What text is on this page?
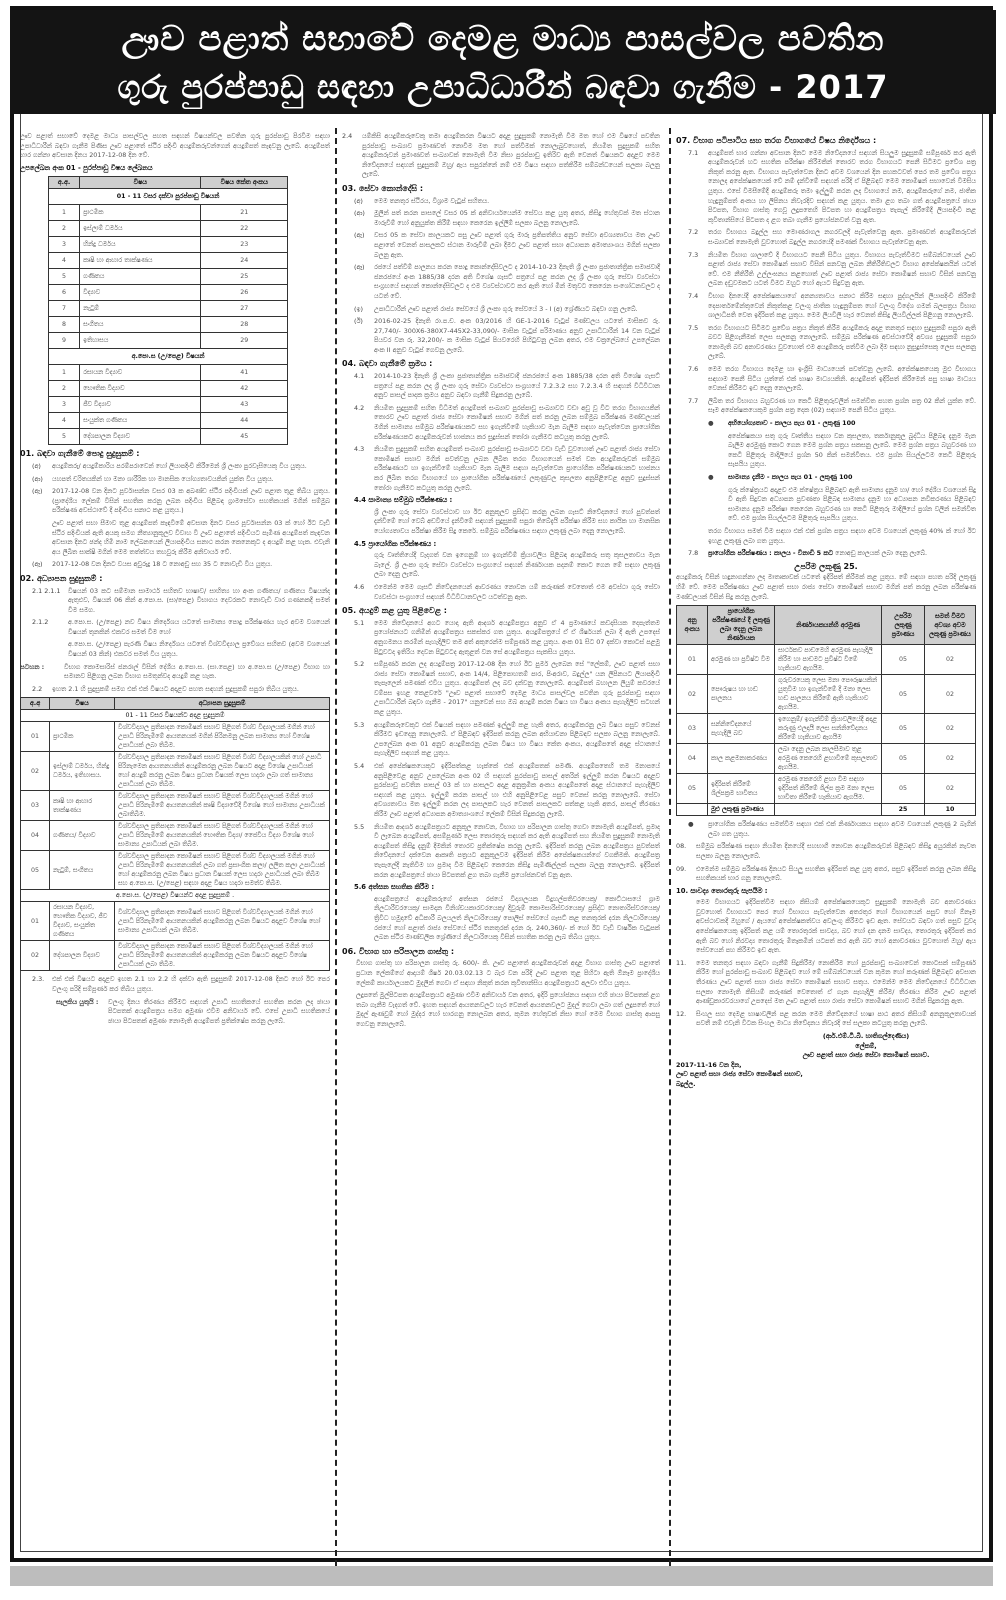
ඌව පළාත් සභාවේ දෙමළ මාධ්‍ය පාසල්වල පවතින
ගුරු පුරප්පාඩු සඳහා උපාධිධාරීන් බඳවා ගැනීම - 2017

ඌව පළාත් සභාවේ දෙමළ මාධ්‍ය පාසල්වල පහත සඳහන් විෂයන්වල පවතින ගුරු පුරප්පාඩු පිරවීම සඳහා උපාධිධාරීන් බඳවා ගැනීම පිණිස ඌව පළාතේ ස්ථිර පදිංචි අයදුම්කරුවන්ගෙන් අයදුම්පත් කැඳවනු ලැබේ. අයදුම්පත් භාර ගන්නා අවසාන දිනය 2017-12-08 දින වේ.

උපලේඛන අංක 01 - පුරප්පාඩු විෂය ලේඛනය
අ.අ.	විෂය	විෂය කේත අංකය
01 - 11 වසර දක්වා පුරප්පාඩු විෂයන්		
1	ප්‍රාථමික	21
2	ඉස්ලාම් ධර්මය	22
3	හින්දු ධර්මය	23
4	කෘෂි හා ආහාර තාක්ෂණය	24
5	ගණිතය	25
6	විද්‍යාව	26
7	නැටුම්	27
8	සංගීතය	28
9	ඉතිහාසය	29
අ.පො.ස (උ/පෙළ) විෂයන්		
1	රසායන විද්‍යාව	41
2	භෞතික විද්‍යාව	42
3	ජීව විද්‍යාව	43
4	සංයුක්ත ගණිතය	44
5	දේශපාලන විද්‍යාව	45
01. බඳවා ගැනීමේ පොදු සුදුසුකම් :
(අ)	අයදුම්කරු/ අයදුම්කාරිය පරම්පරාවෙන් හෝ ලියාපදිංචි කිරීමෙන් ශ්‍රී ලංකා පුරවැසියෙකු විය යුතුය.
(ආ)	යහපත් චරිතයකින් හා මනා ශාරීරික හා මානසික යෝග්‍යතාවයකින් යුක්ත විය යුතුය.
(ඇ)	2017-12-08 වන දිනට පූර්වාසන්න වසර 03 ක අඛණ්ඩ ස්ථිර පදිංචියක් ඌව පළාත තුළ තිබිය යුතුය. (ප්‍රාදේශීය ලේකම් විසින් සහතික කරනු ලබන පදිංචිය පිළිබඳ ග්‍රාමසේවා සහතිකයක් මගින් සම්මුඛ පරීක්ෂණ අවස්ථාවේ දී පදිංචිය සනාථ කළ යුතුය.)
ඌව පළාත් සභා සීමාව තුළ අයදුම්පත් කැඳවීමේ අවසාන දිනට වසර පූර්වාසන්න 03 ක් හෝ ඊට වැඩි ස්ථිර පදිංචියක් ඇති අයකු සමග නීත්‍යානුකූලව විවාහ වී ඌව පළාතේ පදිංචියට පැමිණ අයදුම්පත් කැඳවන අවසාන දිනට ඡන්ද හිමි නාම ලේඛනයෙන් ලියාපදිංචිය සනාථ කරන කෙනෙකුට ද අයදුම් කළ හැක. එවැනි අය ලිඛිත සාක්ෂි මගින් මෙම තත්ත්වය තහවුරු කිරීම අනිවාර්ය වේ.
(ඈ)	2017-12-08 වන දිනට වයස අවුරුදු 18 ට නොඅඩු සහ 35 ට නොවැඩි විය යුතුය.
02. අධ්‍යාපන සුදුසුකම් :
2.1 2.1.1	විෂයන් 03 කට සම්මාන සාමාර්ථ සහිතව භාෂාව/ සාහිත්‍ය හා අංක ගණිතය/ ගණිතය විෂයන්ද ඇතුළුව, විෂයන් 06 කින් අ.පො.ස. (සා/පෙළ) විභාගය දෙවරකට නොවැඩි වාර ගණනකදී සමත් වීම සමග.
2.1.2	අ.පො.ස. (උ/පෙළ) නව විෂය නිර්දේශය යටතේ සාමාන්‍ය පොදු පරීක්ෂණය හැර අවම වශයෙන් විෂයන් තුනකින් එකවර සමත් වීම හෝ
අ.පො.ස. (උ/පෙළ) පැරණි විෂය නිර්දේශය යටතේ විශ්වවිද්‍යාල ප්‍රවේශය සහිතව (අවම වශයෙන් විෂයන් 03 කින්) එකවර සමත් විය යුතුය.
සටහන :	විභාග කොමසාරිස් ජනරාල් විසින් දේශීය අ.පො.ස. (සා.පෙළ) හා අ.පො.ස (උ/පෙළ) විභාග හා සමානව පිළිගනු ලබන විභාග සමතුන්වද අයදුම් කළ හැක.
2.2	ඉහත 2.1 හි සුදුසුකම් සමග එක් එක් විෂයට අදාළව පහත සඳහන් සුදුසුකම් සපුරා තිබිය යුතුය.
අ.අ	විෂය	අධ්‍යාපන සුදුසුකම්
01 - 11 වසර විෂයන්ට අදාළ සුදුසුකම්		
01	ප්‍රාථමික	විශ්වවිද්‍යාල ප්‍රතිපාදන කොමිෂන් සභාව පිළිගත් විශ්ව විද්‍යාලයක් මගින් හෝ උපාධි පිරිනැමීමේ ආයතනයක් මගින් පිරිනමනු ලබන සාමාන්‍ය හෝ විශේෂ උපාධියක් ලබා තිබීම.
02	ඉස්ලාම් ධර්මය, හින්දු ධර්මය, ඉතිහාසය.	විශ්වවිද්‍යාල ප්‍රතිපාදන කොමිෂන් සභාව පිළිගත් විශ්ව විද්‍යාලයකින් හෝ උපාධි පිරිනැමෙන ආයතනයකින් අයදුම්කරනු ලබන විෂයට අදාළ විශේෂ උපාධියක් හෝ අයදුම් කරනු ලබන විෂය ප්‍රධාන විෂයක් ලෙස හදාරා ලබා ගත් සාමාන්‍ය උපාධියක් ලබා තිබීම.
03	කෘෂි හා ආහාර තාක්ෂණය	විශ්වවිද්‍යාල ප්‍රතිපාදන කොමිෂන් සභාව පිළිගත් විශ්වවිද්‍යාලයක් මගින් හෝ උපාධි පිරිනැමීමේ ආයතනයකින් කෘෂි විද්‍යාවේදී විශේෂ හෝ සාමාන්‍ය උපාධියක් ලබාතිබීම.
04	ගණිතය/ විද්‍යාව	විශ්වවිද්‍යාල ප්‍රතිපාදන කොමිෂන් සභාව පිළිගත් විශ්වවිද්‍යාලයක් මගින් හෝ උපාධි පිරිනැමීමේ ආයතනයකින් භෞතික විද්‍යා/ ජෛවීය විද්‍යා විශේෂ හෝ සාමාන්‍ය උපාධියක් ලබා තිබීම.
05	නැටුම්, සංගීතය	විශ්වවිද්‍යාල ප්‍රතිපාදන කොමිෂන් සභාව පිළිගත් විශ්ව විද්‍යාලයක් මගින් හෝ උපාධි පිරිනැමීමේ ආයතනයකින් ලබා ගත් ප්‍රසාංගික කලා/ ලලිත කලා උපාධියක් හෝ අයදුම්කරනු ලබන විෂය ප්‍රධාන විෂයක් ලෙස හදාරා උපාධියක් ලබා තිබීම සහ අ.පො.ස. (උ/පෙළ) සඳහා අදාළ විෂය හදාරා සමත්ව තිබීම.
අ.පො.ස. (උ/පෙළ) විෂයන්ට අදාළ සුදුසුකම් .		
01	රසායන විද්‍යාව, භෞතික විද්‍යාව, ජීව විද්‍යාව, සංයුක්ත ගණිතය	විශ්වවිද්‍යාල ප්‍රතිපාදන කොමිෂන් සභාව පිළිගත් විශ්වවිද්‍යාලයක් මගින් හෝ උපාධි පිරිනැමීමේ ආයතනයකින් අයදුම්කරනු ලබන විෂයට අදාළව විශේෂ හෝ සාමාන්‍ය උපාධියක් ලබා තිබීම.
02	දේශපාලන විද්‍යාව	විශ්වවිද්‍යාල ප්‍රතිපාදන කොමිෂන් සභාව පිළිගත් විශ්වවිද්‍යාලයක් මගින් හෝ උපාධි පිරිනැමීමේ ආයතනයකින් අයදුම්කරනු ලබන විෂයට අදාළව විශේෂ උපාධියක් ලබා තිබීම.
2.3.	එක් එක් විෂයට අදාළව ඉහත 2.1 හා 2.2 හි දක්වා ඇති සුදුසුකම් 2017-12-08 දිනට හෝ ඊට පෙර වලංගු පරිදි සම්පූර්ණ කර තිබිය යුතුය.
සැලකිය යුතුයි :	වලංගු දිනය තීරණය කිරීමට සඳහන් උපාධි සහතිකයේ සහතික කරන ලද ඡායා පිටපතක් අයදුම්පත්‍රය සමග අමුණා එවීම අනිවාර්ය වේ. එසේ උපාධි සහතිකයේ ඡායා පිටපතක් අමුණා නොමැති අයදුම්පත් ප්‍රතික්ෂේප කරනු ලැබේ.
2.4	යම්කිසි අයදුම්කරුවෙකු තමා අයදුම්කරන විෂයට අදාළ සුදුසුකම් නොමැති වීම මත හෝ එම විෂයේ පවතින පුරප්පාඩු සංඛ්‍යාව ප්‍රමාණවත් නොවීම මත හෝ පත්වීමක් නොලැබුවහොත්, නියමිත සුදුසුකම් සහිත අයදුම්කරුවන් ප්‍රමාණවත් සංඛ්‍යාවක් නොමැති වීම නිසා පුරප්පාඩු ඉතිරිව ඇති වෙනත් විෂයකට අදාළව මෙම නිවේදනයේ සඳහන් සුදුසුකම් ඔහු/ ඇය සපුරන්නේ නම් එම විෂය සඳහා පත්කිරීම සම්බන්ධයෙන් සලකා බලනු ලැබේ.
03. සේවා කොන්දේසි :
(අ)	මෙම තනතුර ස්ථිරය, විශ්‍රාම වැටුප් සහිතය.
(ආ)	මුලින් පත් කරන පාසලේ වසර 05 ක් අනිවාර්යයෙන්ම සේවය කළ යුතු අතර, කිසිදු හේතුවක් මත ස්ථාන මාරුවීම් හෝ අනුයුක්ත කිරීම් සඳහා කෙරෙන ඉල්ලීම් සලකා බලනු නොලැබේ.
(ඇ)	වසර 05 ක සේවා කාලයකට පසු ඌව පළාත් ගුරු මාරු ප්‍රතිපත්තිය අනුව සේවා අවශ්‍යතාවය මත ඌව පළාතේ වෙනත් පාසලකට ස්ථාන මාරුවීම් ලබා දීමට ඌව පළාත් සභා අධ්‍යාපන අමාත්‍යාංශය මගින් සලකා බලනු ඇත.
(ඈ)	රජයේ පත්වීම් පාලනය කරන පොදු කොන්දේසිවලට ද 2014-10-23 දිනැති ශ්‍රී ලංකා ප්‍රජාතාන්ත්‍රික සමාජවාදී ජනරජයේ අංක 1885/38 දරන අති විශේෂ ගැසට් පත්‍රයේ පළ කරන ලද ශ්‍රී ලංකා ගුරු සේවා ව්‍යවස්ථා සංග්‍රහයේ සඳහන් කොන්දේසිවලට ද එම ව්‍යවස්ථාවට කර ඇති හෝ මින් මතුවට කෙරෙන සංශෝධනවලට ද යටත් වේ.
(ඉ)	උපාධිධාරීන් ඌව පළාත් රාජ්‍ය සේවයේ ශ්‍රී ලංකා ගුරු සේවයේ 3 - I (අ) ශ්‍රේණියට බඳවා ගනු ලැබේ.
(ඊ)	2016-02-25 දිනැති රා.ප.ච. අංක 03/2016 හි GE-1-2016 වැටුප් මණ්ඩලය යටතේ මාසිකව රු. 27,740/- 300X6-380X7-445X2-33,090/- මාසික වැටුප් පරිමාණය අනුව උපාධිධාරීන් 14 වන වැටුප් පියවර වන රු. 32,200/- ක මාසික වැටුප් පියවරෙහි පිහිටුවනු ලබන අතර, එම චක්‍රලේඛයේ උපලේඛන අංක II අනුව වැටුප් ගෙවනු ලැබේ.
04. බඳවා ගැනීමේ ක්‍රමය :
4.1	2014-10-23 දිනැති ශ්‍රී ලංකා ප්‍රජාතාන්ත්‍රික සමාජවාදී ජනරජයේ අංක 1885/38 දරන අති විශේෂ ගැසට් පත්‍රයේ පළ කරන ලද ශ්‍රී ලංකා ගුරු සේවා ව්‍යවස්ථා සංග්‍රහයේ 7.2.3.2 සහ 7.2.3.4 හි සඳහන් විධිවිධාන අනුව පාසල් පාදක ක්‍රමය අනුව බඳවා ගැනීම් සිදුකරනු ලැබේ.
4.2	නියමිත සුදුසුකම් සහිත විධිමත් අයදුම්පත් සංඛ්‍යාව පුරප්පාඩු සංඛ්‍යාවට වඩා අඩු වූ විට තරග විභාගයකින් තොරව ඌව පළාත් රාජ්‍ය සේවා කොමිෂන් සභාව මගින් පත් කරනු ලබන සම්මුඛ පරීක්ෂණ මණ්ඩලයක් මගින් සාමාන්‍ය සම්මුඛ පරීක්ෂණයකට සහ ඉගැන්වීමේ හැකියාව මැන බැලීම සඳහා පැවැත්වෙන ප්‍රායෝගික පරීක්ෂණයකට අයදුම්කරුවන් භාජනය කර සුදුස්සන් තෝරා ගැනීමට කටයුතු කරනු ලැබේ.
4.3	නියමිත සුදුසුකම් සහිත අයදුම්පත් සංඛ්‍යාව පුරප්පාඩු සංඛ්‍යාවට වඩා වැඩි වුවහොත් ඌව පළාත් රාජ්‍ය සේවා කොමිෂන් සභාව මගින් පවත්වනු ලබන ලිඛිත තරග විභාගයෙන් සමත් වන අයදුම්කරුවන් සම්මුඛ පරීක්ෂණයට හා ඉගැන්වීමේ හැකියාව මැන බැලීම සඳහා පැවැත්වෙන ප්‍රායෝගික පරීක්ෂණයකට භාජනය කර ලිඛිත තරග විභාගයේ හා ප්‍රායෝගික පරීක්ෂණයේ ලකුණුවල කුසලතා අනුපිළිවෙළ අනුව සුදුස්සන් තෝරා ගැනීමට කටයුතු කරනු ලැබේ.
4.4 සාමාන්‍ය සම්මුඛ පරීක්ෂණය :

ශ්‍රී ලංකා ගුරු සේවා ව්‍යවස්ථාව හා ඊට අනුකූලව ප්‍රසිද්ධ කරනු ලබන ගැසට් නිවේදනයේ හෝ පුවත්පත් දැන්වීමේ හෝ වෙබ් අඩවියේ දැන්වීමේ සඳහන් සුදුසුකම් සපුරා තිබේදැයි පරීක්ෂා කිරීම සහ කායික හා මානසික යෝග්‍යතාවය පරීක්ෂා කිරීම සිදු කෙරේ. සම්මුඛ පරීක්ෂණය සඳහා ලකුණු ලබා දෙනු නොලැබේ.

4.5 ප්‍රායෝගික පරීක්ෂණය :

ගුරු වෘත්තියේදී වැදගත් වන ඉගෙනුම් හා ඉගැන්වීම් ක්‍රියාවලිය පිළිබඳ අයදුම්කරු සතු කුසලතාවය මැන බැලේ. ශ්‍රී ලංකා ගුරු සේවා ව්‍යවස්ථා සංග්‍රහයේ සඳහන් නිර්ණායක පදනම් කොට ගෙන මේ සඳහා ලකුණු ලබා දෙනු ලැබේ.

4.6	එමෙන්ම මෙම ගැසට් නිවේදනයෙන් ආවරණය නොවන යම් කරුණක් වෙතොත් එම අවස්ථා ගුරු සේවා ව්‍යවස්ථා සංග්‍රහයේ සඳහන් විධිවිධානවලට යටත්වනු ඇත.
05. අයදුම් කළ යුතු පිළිවෙළ :
5.1	මෙම නිවේදනයේ අගට යොදා ඇති ආදර්ශ අයදුම්පත්‍රය අනුව ඒ 4 ප්‍රමාණයේ කඩදාසියක දෙපැත්තම ප්‍රයෝජනයට ගනිමින් අයදුම්පත්‍රය සකස්කර ගත යුතුය. අයදුම්පත්‍රයේ ඒ ඒ ශීර්ෂයන් ලබා දී ඇති උපදෙස් අනුගමනය කරමින් පැහැදිලිව තම අත් අකුරෙන්ම සම්පූර්ණ කළ යුතුය. අංක 01 සිට 07 දක්වා කොටස් පළමු පිටුවටද ඉතිරිය දෙවන පිටුවටද ඇතුළත් වන සේ අයදුම්පත්‍රය සැකසිය යුතුය.
5.2	සම්පූර්ණ කරන ලද අයදුම්පත්‍ර 2017-12-08 දින හෝ ඊට පුර්ම ලැබෙන සේ "ලේකම්, ඌව පළාත් සභා රාජ්‍ය සේවා කොමිෂන් සභාව, අංක 14/4, පිළිපොහතම් පාර, පිංඅරාව, බදුල්ල" යන ලිපිනයට ලියාපදිංචි තැපෑලෙන් පමණක් එවිය යුතුය. අයදුම්පත් ලද බව දන්වනු නොලැබේ. අයදුම්පත් බහාලන ලියුම් කවරයේ වම්පස ඉහළ කෙළවරේ "ඌව පළාත් සභාවේ දෙමළ මාධ්‍ය පාසල්වල පවතින ගුරු පුරප්පාඩු සඳහා උපාධිධාරීන් බඳවා ගැනීම - 2017" යනුවෙන් සහ ඔබ අයදුම් කරන විෂය හා විෂය අංකය පැහැදිලිව සටහන් කළ යුතුය.
5.3	අයදුම්කරුවෙකුට එක් විෂයක් සඳහා පමණක් ඉල්ලුම් කළ හැකි අතර, අයදුම්කරනු ලබ විෂය පසුව වෙනස් කිරීමට ඉඩදෙනු නොලැබේ. ඒ පිළිබඳව ඉදිරිපත් කරනු ලබන අභියාචනා පිළිබඳව සලකා බලනු නොලැබේ. උපලේඛන අංක 01 අනුව අයදුම්කරනු ලබන විෂය හා විෂය කේත අංකය, අයදුම්පතේ අදාළ ස්ථානයේ පැහැදිලිව සඳහන් කළ යුතුය.
5.4	එක් අපේක්ෂකයෙකුට ඉදිරිපත්කළ හැක්කේ එක් අයදුම්පතක් පමණි. අයදුම්පතෙහි තම මනාපයේ අනුපිළිවෙළ අනුව උපලේඛන අංක 02 හි සඳහන් පුරප්පාඩු පාසල් අතරින් ඉල්ලුම් කරන විෂයට අදාළව පුරප්පාඩු පවතින පාසල් 03 ක් හා පාසලට අදාළ අනුක්‍රමික අංකය අයදුම්පතේ අදාළ ස්ථානයේ පැහැදිලිව සඳහන් කළ යුතුය. ඉල්ලුම් කරන පාසල් හා එහි අනුපිළිවෙළ පසුව වෙනස් කරනු නොලැබේ. සේවා අවශ්‍යතාවය මත ඉල්ලුම් කරන ලද පාසලකට හැර වෙනත් පාසලකට පත්කළ හැකි අතර, පාසල් තීරණය කිරීම ඌව පළාත් අධ්‍යාපන අමාත්‍යාංශයේ ලේකම් විසින් සිදුකරනු ලැබේ.
5.5	නියමිත ආදර්ශ අයදුම්පත්‍රයට අනුකූල නොවන, විභාග හා පරිපාලන ගාස්තු ගෙවා නොමැති අයදුම්පත්, ප්‍රමාද වී ලැබෙන අයදුම්පත්, අසම්පූර්ණ ලෙස තොරතුරු සඳහන් කර ඇති අයදුම්පත් සහ නියමිත සුදුසුකම් නොමැති අයදුම්පත් කිසිදු දැනුම් දීමකින් තොරව ප්‍රතික්ෂේප කරනු ලැබේ. ඉදිරිපත් කරනු ලබන අයදුම්පත්‍රය පුවත්පත් නිවේදනයේ දක්වෙන ආකෘති පත්‍රයට අනුකූලවම ඉදිරිපත් කිරීම අපේක්ෂකයන්ගේ වගකීමකි. අයදුම්පත්‍ර තැපැලේදී නැතිවීම හා ප්‍රමාද වීම පිළිබඳව කෙරෙන කිසිදු පැමිණිල්ලක් සලකා බලනු නොලැබේ. ඉදිරිපත් කරන අයදුම්පත්‍රයේ ඡායා පිටපතක් ළග තබා ගැනීම ප්‍රයෝජනවත් වනු ඇත.
5.6 අත්සන සහතික කිරීම :

අයදුම්පත්‍රයේ අයදුම්කරුගේ අත්සන රජයේ විද්‍යාලයක විදුහල්පතිවරයෙකු/ කොට්ඨාසයේ ග්‍රාම නිලධාරීවරයෙකු/ සාමදාන විනිශ්චයකාරවරයෙකු/ දිවුරුම් කොමසාරිස්වරයෙකු/ ප්‍රසිද්ධ නොතාරිස්වරයෙකු/ ත්‍රිවිධ හමුදාවේ අධිකාරී බලයලත් නිලධාරියෙකු/ පොලිස් සේවයේ ගැසට් කළ තනතුරක් දරන නිලධාරියෙකු/ රජයේ හෝ පළාත් රාජ්‍ය සේවයේ ස්ථිර තනතුරක් දරන රු. 240,360/- ක් හෝ ඊට වැඩි වාර්ෂික වැටුපක් ලබන ස්ථිර මාණ්ඩලික ශ්‍රේණියේ නිලධාරියෙකු විසින් සහතික කරනු ලැබ තිබිය යුතුය.

06. විභාග හා පරිපාලන ගාස්තු :

විභාග ගාස්තු හා පරිපාලන ගාස්තු රු. 600/- කි. ඌව පළාතේ අයදුම්කරුවන් අදාළ විභාග ගාස්තු ඌව පළාතේ ප්‍රධාන ලේකම්ගේ ආදායම් ශීර්ෂ 20.03.02.13 ට බැර වන පරිදි ඌව පළාත තුළ පිහිටා ඇති ඕනෑම ප්‍රාදේශීය ලේකම් කාර්යාලයකට මුදලින් ගෙවා ඒ සඳහා නිකුත් කරන කුවිතාන්සිය අයදුම්පත්‍රයට අලවා එවිය යුතුය.

ලදුපතේ මුල්පිටපත අයදුම්පත්‍රයට අමුණා එවීම අනිවාර්ය වන අතර, ඉදිරි ප්‍රයෝජනය සඳහා එහි ඡායා පිටපතක් ළග තබා ගැනීම වැදගත් වේ. ඉහත සඳහන් ආයතනවලට හැර වෙනත් ආයතනවලට මුදල් ගෙවා ලබා ගත් ලදුපතේ හෝ මුදල් ඇණවුම් හෝ මුද්දර හෝ භාරගනු නොලබන අතර, කුමන හේතුවක් නිසා හෝ මෙම විභාග ගාස්තු ආපසු ගෙවනු නොලැබේ.

07. විභාග පටිපාටිය සහ තරග විභාගයේ විෂය නිර්දේශය :
7.1	අයදුම්පත් භාර ගන්නා අවසාන දිනට මෙම නිවේදනයේ සඳහන් සියලුම සුදුසුකම් සම්පූර්ණ කර ඇති අයදුම්කරුවන් හට සහතික පරීක්ෂා කිරීමකින් තොරව තරග විභාගයට පෙනී සිටීමට ප්‍රවේශ පත්‍ර නිකුත් කරනු ඇත. විභාගය පැවැත්වෙන දිනට අවම වශයෙන් දින පහකටවත් පෙර තම ප්‍රවේශ පත්‍රය නොලද අපේක්ෂකයෙක් වේ නම් දැන්වීමේ සඳහන් පරිදි ඒ පිළිබඳව මෙම කොමිෂන් සභාවෙන් විමසිය යුතුය. එසේ විමසීමේදී අයදුම්කරු තමා ඉල්ලුම් කරන ලද විභාගයේ නම, අයදුම්කරුගේ නම, ජාතික හැඳුනුම්පත් අංකය හා ලිපිනය නිවැරදිව සඳහන් කළ යුතුය. තමා ළග තබා ගත් අයදුම්පත්‍රයේ ඡායා පිටපත, විභාග ගාස්තු ගෙවූ ලදුපතෙහි පිටපත හා අයදුම්පත්‍රය තැපැල් කිරීමේදී ලියාපදිංචි කළ කුවිතාන්සියේ පිටපත ද ළග තබා ගැනීම ප්‍රයෝජනවත් වනු ඇත.
7.2	තරග විභාගය බදුල්ල සහ මොණරාගල නගරවලදී පැවැත්වෙනු ඇත. ප්‍රමාණවත් අයදුම්කරුවන් සංඛ්‍යාවක් නොමැති වුවහොත් බදුල්ල නගරයේදී පමණක් විභාගය පැවැත්වෙනු ඇත.
7.3	නියමිත විභාග ශාලාවේ දී විභාගයට පෙනී සිටිය යුතුය. විභාගය පැවැත්වීමට සම්බන්ධයෙන් ඌව පළාත් රාජ්‍ය සේවා කොමිෂන් සභාව විසින් පනවනු ලබන නීතිරීතිවලට විභාග අපේක්ෂකයින් යටත් වේ. එම නීතිරීති උල්ලංඝනය කළහොත් ඌව පළාත් රාජ්‍ය සේවා කොමිෂන් සභාව විසින් පනවනු ලබන දඬුවමකට යටත් වීමට ඔහුට හෝ ඇයට සිදුවනු ඇත.
7.4	විභාග දිනයේදී අපේක්ෂකයාගේ අනන්‍යතාවය සනාථ කිරීම සඳහා පුද්ගලයින් ලියාපදිංචි කිරීමේ දෙපාර්තමේන්තුවෙන් නිකුත්කළ වලංගු ජාතික හැඳුනුම්පත හෝ වලංගු විදේශ ගමන් බලපත්‍රය විභාග ශාලාධිපති වෙත ඉදිරිපත් කළ යුතුය. මෙම ලියවිලි හැර වෙනත් කිසිදු ලියවිල්ලක් පිළිගනු නොලැබේ.
7.5	තරග විභාගයට සිටීමට ප්‍රවේශ පත්‍රය නිකුත් කිරීම අයදුම්කරු අදාළ තනතුර සඳහා සුදුසුකම් සපුරා ඇති බවට පිළිගැනීමක් ලෙස සලකනු නොලැබේ. සම්මුඛ පරීක්ෂණ අවස්ථාවේදී අවශ්‍ය සුදුසුකම් සපුරා නොමැති බව අනාවරණය වුවහොත් එම අයදුම්කරු පත්වීම ලබා දීම සඳහා නුසුදුස්සෙකු ලෙස සලකනු ලැබේ.
7.6	මෙම තරග විභාගය දෙමළ හා ඉංග්‍රීසි මාධ්‍යයෙන් පවත්වනු ලැබේ. අපේක්ෂකයෙකු මුළු විභාගය සඳහාම පෙනී සිටිය යුත්තේ එක් භාෂා මාධ්‍යයකිනි. අයදුම්පත් ඉදිරිපත් කිරීමෙන් පසු භාෂා මාධ්‍යය වෙනස් කිරීමට ඉඩ දෙනු නොලැබේ.
7.7	ලිඛිත තර විභාගය බහුවරණ හා කෙටි පිළිතුරුවලින් සමන්විත පහත ප්‍රශ්න පත්‍ර 02 කින් යුක්ත වේ. සෑම අපේක්ෂකයෙකුම ප්‍රශ්න පත්‍ර දෙක (02) සඳහාම පෙනී සිටිය යුතුය.
●	අභියෝග්‍යතාව - කාලය පැය 01 - ලකුණු 100

අපේක්ෂකයා සතු ගුරු වෘත්තීය සඳහා වන කුසලතා, තර්කානුකූල බුද්ධිය පිළිබඳ දැනුම මැන බැලීම අරමුණු කොට ගෙන මෙම ප්‍රශ්න පත්‍රය සකසනු ලැබේ. මෙම ප්‍රශ්න පත්‍රය බහුවරණ හා කෙටි පිළිතුරු මාදිලියේ ප්‍රශ්න 50 කින් සමන්විතය. එම ප්‍රශ්න සියල්ලටම කෙටි පිළිතුරු සැපයිය යුතුය.

●	සාමාන්‍ය දැනීම - කාලය පැය 01 - ලකුණු 100

ගුරු ක්ෂේත්‍රයට අදාළව එම ක්ෂේත්‍රය පිළිබඳව ඇති සාමාන්‍ය දැනුම හා/ හෝ දේශීය වශයෙන් සිදු වී ඇති සිදුවන අධ්‍යාපන ප්‍රවණතා පිළිබඳ සාමාන්‍ය දැනුම හා අධ්‍යාපන නවීකරණය පිළිබඳව සාමාන්‍ය දැනුම පරීක්ෂා කෙරෙන බහුවරණ හා කෙටි පිළිතුරු මාදිලියේ ප්‍රශ්න වලින් සමන්විත වේ. එම ප්‍රශ්න සියල්ලටම පිළිතුරු සැපයිය යුතුය.

තරග විභාගය සමත් වීම සඳහා එක් එක් ප්‍රශ්න පත්‍රය සඳහා අවම වශයෙන් ලකුණු 40% ක් හෝ ඊට ඉහළ ලකුණු ලබා ගත යුතුය.

7.8	ප්‍රායෝගික පරීක්ෂණය : කාලය - විනාඩි 5 කට නොඅඩු කාලයක් ලබා දෙනු ලැබේ.
උපරිම ලකුණු 25.

අයදුම්කරු විසින් හඳුනාගන්නා ලද මාතෘකාවක් යටතේ ඉදිරිපත් කිරීමක් කළ යුතුය. මේ සඳහා පහත පරිදි ලකුණු හිමි වේ. මෙම පරීක්ෂණය ඌව පළාත් සභා රාජ්‍ය සේවා කොමිෂන් සභාව මගින් පත් කරනු ලබන පරීක්ෂණ මණ්ඩලයක් විසින් සිදු කරනු ලැබේ.

අනු අංකය	ප්‍රායෝගික පරීක්ෂණයේ දී ලකුණු ලබා දෙනු ලබන නිර්ණායක	නිර්ණායකයන්හි අරමුණ	උපරිම ලකුණු ප්‍රමාණය	සමත් වීමට අවශ්‍ය අවම ලකුණු ප්‍රමාණය
01	අරමුණ හා ප්‍රවිෂ්ට වීම	සාර්ථකව පාඩමෙහි අරමුණ පැහැදිලි කිරීම හා පාඩමට ප්‍රවිෂ්ට වීමේ හැකියාව ඇගයීම.	05	02
02	පෞරුෂය හා හඬ පාලනය	ගුරුවරයෙකු ලෙස මනා පෞරුෂයකින් යුතුවීම හා ඉගැන්වීමේ දී මනා ලෙස හඬ පාලනය කිරීමේ ඇති හැකියාව ඇගයීම.	05	02
03	සන්නිවේදනයේ පැහැදිලි බව	ඉගෙනුම්/ ඉගැන්වීම් ක්‍රියාවලියේදී අදාළ කරුණු එලදායී ලෙස සන්නිවේදනය කිරීමේ හැකියාව ඇගයීම	05	02
04	කාල කළමනාකරණය	ලබා දෙනු ලබන කාලසීමාව තුළ අරමුණ කෙරෙහි ළඟාවීමේ කුසලතාව ඇගයීම.	05	02
05	ඉදිරිපත් කිරීමේ ශිල්පක්‍රම භාවිතය	අරමුණ කෙරෙහි ළඟා වීම සඳහා ඉදිරිපත් කිරීමේ ශිල්ප ක්‍රම මනා ලෙස භාවිතා කිරීමේ හැකියාව ඇගයීම.	05	02
	මුළු ලකුණු ප්‍රමාණය		25	10
●	ප්‍රායෝගික පරීක්ෂණය සමත්වීම සඳහා එක් එක් නිර්ණායකය සඳහා අවම වශයෙන් ලකුණු 2 බැගින් ලබා ගත යුතුය.
08.	සම්මුඛ පරීක්ෂණ සඳහා නියමිත දිනයේදී සහභාගී නොවන අයදුම්කරුවන් පිළිබඳව කිසිදු අයුරකින් නැවත සලකා බලනු නොලැබේ.
09.	එමෙන්ම සම්මුඛ පරීක්ෂණ දිනයට සියලු සහතික ඉදිරිපත් කළ යුතු අතර, පසුව ඉදිරිපත් කරනු ලබන කිසිදු සහතිකයක් භාර ගනු නොලැබේ.
10. සාවද්‍ය තොරතුරු සැපයීම :

මෙම විභාගයට ඉදිරිපත්වීම සඳහා කිසියම් අපේක්ෂකයෙකුට සුදුසුකම් නොමැති බව අනාවරණය වුවහොත් විභාගයට පෙර හෝ විභාගය පැවැත්වෙන අතරතුර හෝ විභාගයෙන් පසුව හෝ ඕනෑම අවස්ථාවකදී ඔහුගේ / ඇයගේ අපේක්ෂකත්වය අවලංගු කිරීමට ඉඩ ඇත. සේවයට බඳවා ගත් පසුව වුවද අපේක්ෂකයෙකු ඉදිරිපත් කළ යම් තොරතුරක් සාවද්‍ය, බව හෝ දන දනම සාවද්‍ය, තොරතුරු ඉදිරිපත් කර ඇති බව හෝ නිරවද්‍ය තොරතුරු මිතෑකමින් යටපත් කර ඇති බව හෝ අනාවරණය වුවහොත් ඔහු/ ඇය සේවයෙන් පහ කිරීමට ඉඩ ඇත.

11.	මෙම තනතුර සඳහා බඳවා ගැනීම් සිදුකිරීම/ නොකිරීම හෝ පුරප්පාඩු සංඛ්‍යාවෙන් කොටසක් සම්පූර්ණ කිරීම හෝ පුරප්පාඩු සංඛ්‍යාව පිළිබඳව හෝ මේ සම්බන්ධයෙන් වන කුමන හෝ කරුණක් පිළිබඳව අවසාන තීරණය ඌව පළාත් සභා රාජ්‍ය සේවා කොමිෂන් සභාව සතුය. එමෙන්ම මෙම නිවේදනයේ විධිවිධාන සලකා නොමැති කිසියම් කරුණක් වෙතොත් ඒ ගැන පැහැදිලි කිරීම/ තීරණය කිරීම ඌව පළාත් ආණ්ඩුකාරවරයාගේ උපදෙස් මත ඌව පළාත් සභා රාජ්‍ය සේවා කොමිෂන් සභාව මගින් සිදුකරනු ඇත.
12.	සිංහල සහ දෙමළ භාෂාවලින් පළ කරන මෙම නිවේදනයේ භාෂා පාඨ අතර කිසියම් අනනුකූලතාවයක් පවතී නම් එවැනි විටක සිංහල මාධ්‍ය නිවේදනය නිවැරදි සේ සලකා කටයුතු කරනු ලැබේ.
(ආර්.එම්.ටී.බී. හාතිගල්දෙණිය)
ලේකම්,
ඌව පළාත් සභා රාජ්‍ය සේවා කොමිෂන් සභාව.
2017-11-16 වන දින,
ඌව පළාත් සභා රාජ්‍ය සේවා කොමිෂන් සභාව,
බදුල්ල.
